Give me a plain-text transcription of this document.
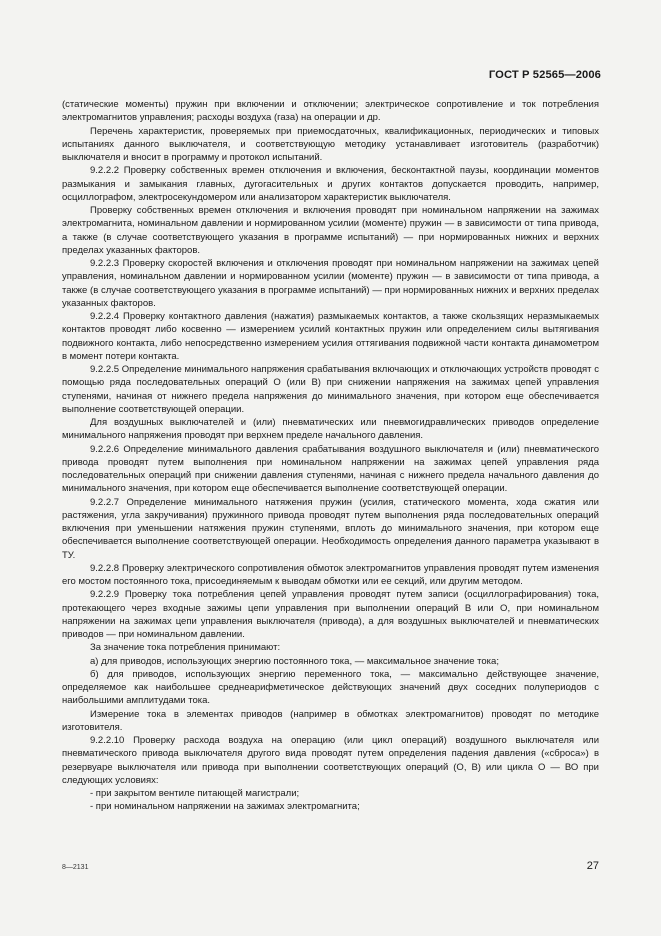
ГОСТ Р 52565—2006

(статические моменты) пружин при включении и отключении; электрическое сопротивление и ток потребления электромагнитов управления; расходы воздуха (газа) на операции и др.

Перечень характеристик, проверяемых при приемосдаточных, квалификационных, периодических и типовых испытаниях данного выключателя, и соответствующую методику устанавливает изготовитель (разработчик) выключателя и вносит в программу и протокол испытаний.

9.2.2.2 Проверку собственных времен отключения и включения, бесконтактной паузы, координации моментов размыкания и замыкания главных, дугогасительных и других контактов допускается проводить, например, осциллографом, электросекундомером или анализатором характеристик выключателя.

Проверку собственных времен отключения и включения проводят при номинальном напряжении на зажимах электромагнита, номинальном давлении и нормированном усилии (моменте) пружин — в зависимости от типа привода, а также (в случае соответствующего указания в программе испытаний) — при нормированных нижних и верхних пределах указанных факторов.

9.2.2.3 Проверку скоростей включения и отключения проводят при номинальном напряжении на зажимах цепей управления, номинальном давлении и нормированном усилии (моменте) пружин — в зависимости от типа привода, а также (в случае соответствующего указания в программе испытаний) — при нормированных нижних и верхних пределах указанных факторов.

9.2.2.4 Проверку контактного давления (нажатия) размыкаемых контактов, а также скользящих неразмыкаемых контактов проводят либо косвенно — измерением усилий контактных пружин или определением силы вытягивания подвижного контакта, либо непосредственно измерением усилия оттягивания подвижной части контакта динамометром в момент потери контакта.

9.2.2.5 Определение минимального напряжения срабатывания включающих и отключающих устройств проводят с помощью ряда последовательных операций О (или В) при снижении напряжения на зажимах цепей управления ступенями, начиная от нижнего предела напряжения до минимального значения, при котором еще обеспечивается выполнение соответствующей операции.

Для воздушных выключателей и (или) пневматических или пневмогидравлических приводов определение минимального напряжения проводят при верхнем пределе начального давления.

9.2.2.6 Определение минимального давления срабатывания воздушного выключателя и (или) пневматического привода проводят путем выполнения при номинальном напряжении на зажимах цепей управления ряда последовательных операций при снижении давления ступенями, начиная с нижнего предела начального давления до минимального значения, при котором еще обеспечивается выполнение соответствующей операции.

9.2.2.7 Определение минимального натяжения пружин (усилия, статического момента, хода сжатия или растяжения, угла закручивания) пружинного привода проводят путем выполнения ряда последовательных операций включения при уменьшении натяжения пружин ступенями, вплоть до минимального значения, при котором еще обеспечивается выполнение соответствующей операции. Необходимость определения данного параметра указывают в ТУ.

9.2.2.8 Проверку электрического сопротивления обмоток электромагнитов управления проводят путем изменения его мостом постоянного тока, присоединяемым к выводам обмотки или ее секций, или другим методом.

9.2.2.9 Проверку тока потребления цепей управления проводят путем записи (осциллографирования) тока, протекающего через входные зажимы цепи управления при выполнении операций В или О, при номинальном напряжении на зажимах цепи управления выключателя (привода), а для воздушных выключателей и пневматических приводов — при номинальном давлении.

За значение тока потребления принимают:

а) для приводов, использующих энергию постоянного тока, — максимальное значение тока;

б) для приводов, использующих энергию переменного тока, — максимально действующее значение, определяемое как наибольшее среднеарифметическое действующих значений двух соседних полупериодов с наибольшими амплитудами тока.

Измерение тока в элементах приводов (например в обмотках электромагнитов) проводят по методике изготовителя.

9.2.2.10 Проверку расхода воздуха на операцию (или цикл операций) воздушного выключателя или пневматического привода выключателя другого вида проводят путем определения падения давления («сброса») в резервуаре выключателя или привода при выполнении соответствующих операций (О, В) или цикла О — ВО при следующих условиях:

- при закрытом вентиле питающей магистрали;

- при номинальном напряжении на зажимах электромагнита;

8—2131	27
